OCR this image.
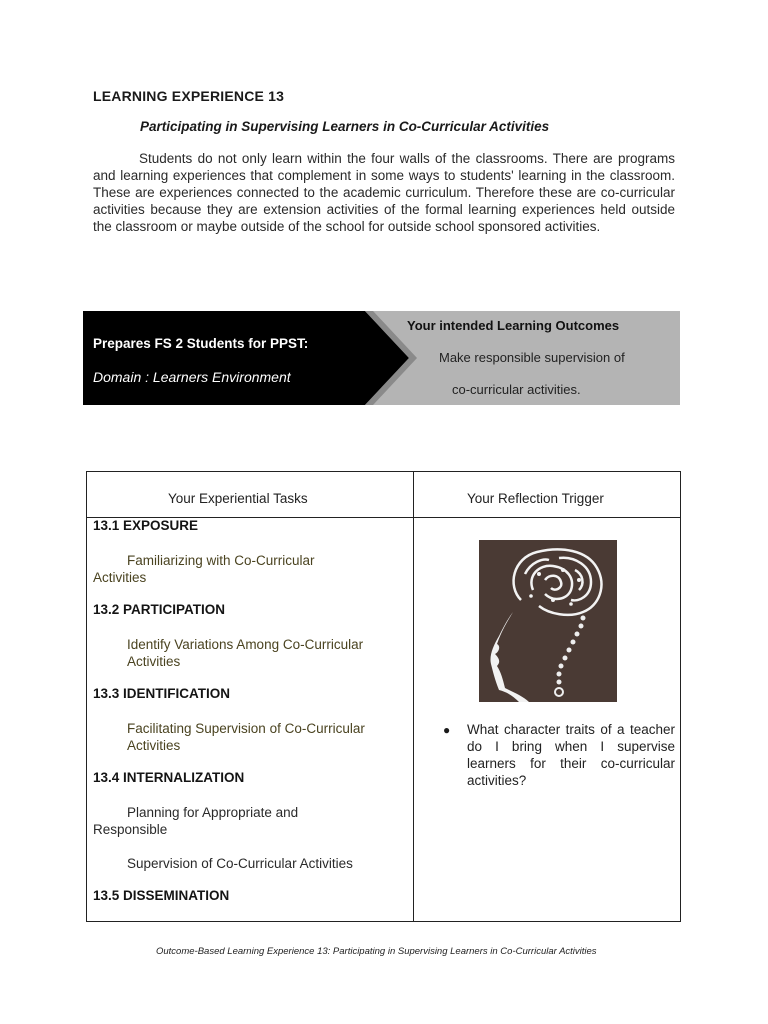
LEARNING EXPERIENCE 13
Participating in Supervising Learners in Co-Curricular Activities
Students do not only learn within the four walls of the classrooms. There are programs and learning experiences that complement in some ways to students' learning in the classroom. These are experiences connected to the academic curriculum. Therefore these are co-curricular activities because they are extension activities of the formal learning experiences held outside the classroom or maybe outside of the school for outside school sponsored activities.
Prepares FS 2 Students for PPST:
Domain : Learners Environment
Your intended Learning Outcomes
Make responsible supervision of
co-curricular activities.
Your Experiential Tasks	Your Reflection Trigger
13.1 EXPOSURE
Familiarizing with Co-Curricular
Activities
13.2 PARTICIPATION
Identify Variations Among Co-Curricular
Activities
13.3 IDENTIFICATION
Facilitating Supervision of Co-Curricular
Activities
13.4 INTERNALIZATION
Planning for Appropriate and
Responsible
Supervision of Co-Curricular Activities
13.5 DISSEMINATION
● What character traits of a teacher do I bring when I supervise learners for their co-curricular activities?
Outcome-Based Learning Experience 13: Participating in Supervising Learners in Co-Curricular Activities
